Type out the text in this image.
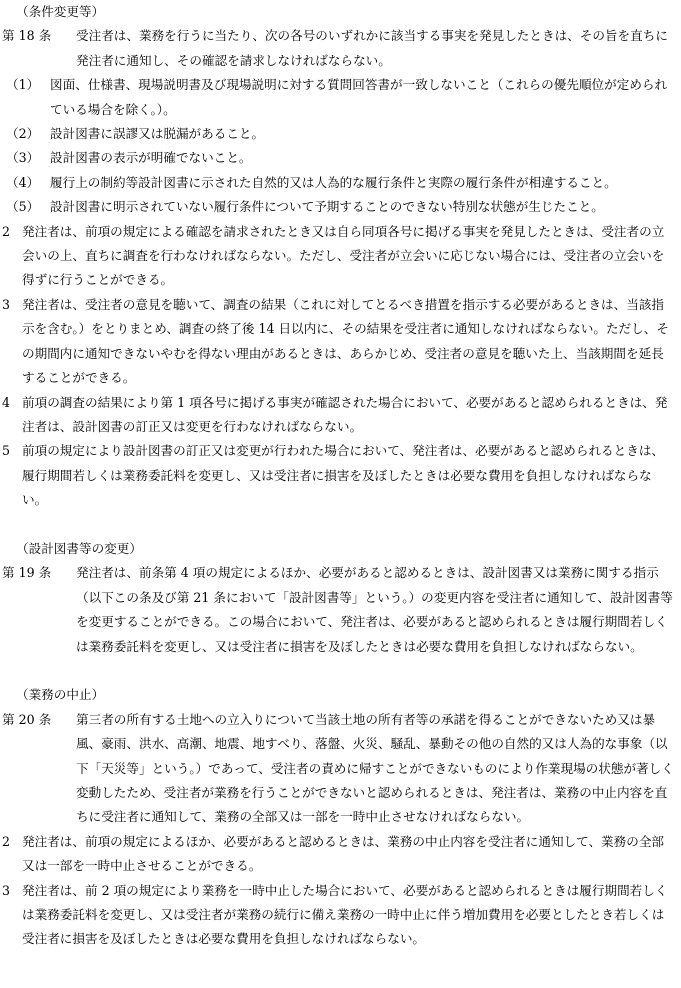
（条件変更等）
第 18 条	受注者は、業務を行うに当たり、次の各号のいずれかに該当する事実を発見したときは、その旨を直ちに発注者に通知し、その確認を請求しなければならない。
（1） 図面、仕様書、現場説明書及び現場説明に対する質問回答書が一致しないこと（これらの優先順位が定められている場合を除く。）。
（2） 設計図書に誤謬又は脱漏があること。
（3） 設計図書の表示が明確でないこと。
（4） 履行上の制約等設計図書に示された自然的又は人為的な履行条件と実際の履行条件が相違すること。
（5） 設計図書に明示されていない履行条件について予期することのできない特別な状態が生じたこと。
2 発注者は、前項の規定による確認を請求されたとき又は自ら同項各号に掲げる事実を発見したときは、受注者の立会いの上、直ちに調査を行わなければならない。ただし、受注者が立会いに応じない場合には、受注者の立会いを得ずに行うことができる。
3 発注者は、受注者の意見を聴いて、調査の結果（これに対してとるべき措置を指示する必要があるときは、当該指示を含む。）をとりまとめ、調査の終了後 14 日以内に、その結果を受注者に通知しなければならない。ただし、その期間内に通知できないやむを得ない理由があるときは、あらかじめ、受注者の意見を聴いた上、当該期間を延長することができる。
4 前項の調査の結果により第 1 項各号に掲げる事実が確認された場合において、必要があると認められるときは、発注者は、設計図書の訂正又は変更を行わなければならない。
5 前項の規定により設計図書の訂正又は変更が行われた場合において、発注者は、必要があると認められるときは、履行期間若しくは業務委託料を変更し、又は受注者に損害を及ぼしたときは必要な費用を負担しなければならない。
（設計図書等の変更）
第 19 条	発注者は、前条第 4 項の規定によるほか、必要があると認めるときは、設計図書又は業務に関する指示（以下この条及び第 21 条において「設計図書等」という。）の変更内容を受注者に通知して、設計図書等を変更することができる。この場合において、発注者は、必要があると認められるときは履行期間若しくは業務委託料を変更し、又は受注者に損害を及ぼしたときは必要な費用を負担しなければならない。
（業務の中止）
第 20 条	第三者の所有する土地への立入りについて当該土地の所有者等の承諾を得ることができないため又は暴風、豪雨、洪水、高潮、地震、地すべり、落盤、火災、騒乱、暴動その他の自然的又は人為的な事象（以下「天災等」という。）であって、受注者の責めに帰すことができないものにより作業現場の状態が著しく変動したため、受注者が業務を行うことができないと認められるときは、発注者は、業務の中止内容を直ちに受注者に通知して、業務の全部又は一部を一時中止させなければならない。
2 発注者は、前項の規定によるほか、必要があると認めるときは、業務の中止内容を受注者に通知して、業務の全部又は一部を一時中止させることができる。
3 発注者は、前 2 項の規定により業務を一時中止した場合において、必要があると認められるときは履行期間若しくは業務委託料を変更し、又は受注者が業務の続行に備え業務の一時中止に伴う増加費用を必要としたとき若しくは受注者に損害を及ぼしたときは必要な費用を負担しなければならない。
